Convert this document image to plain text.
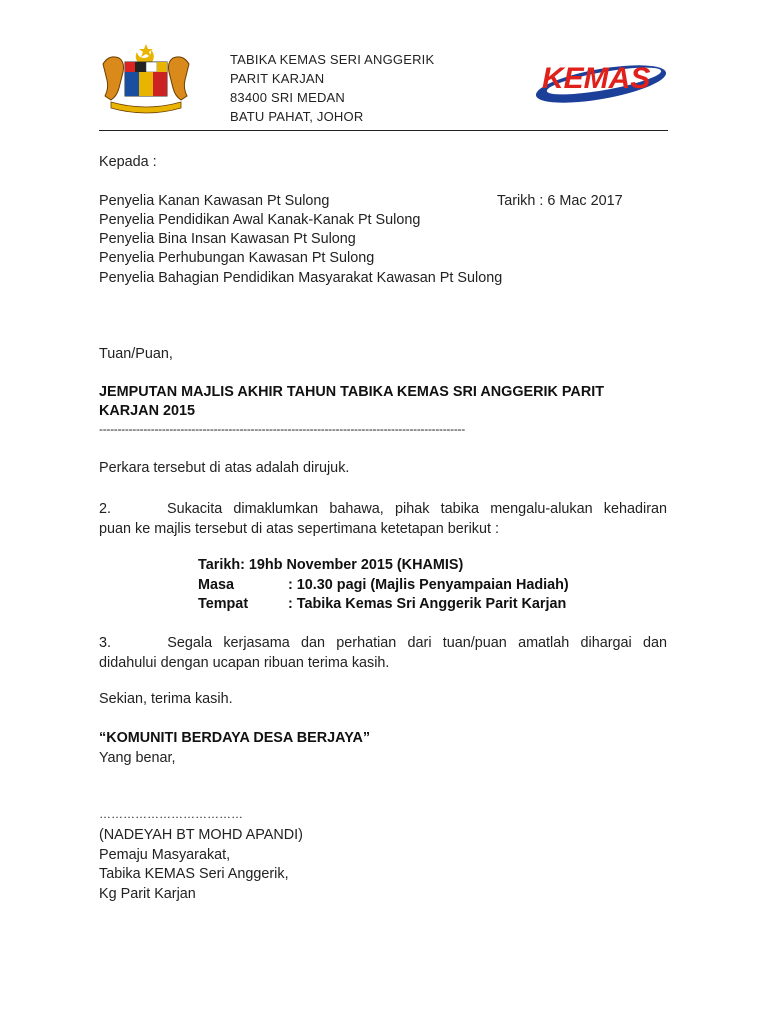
TABIKA KEMAS SERI ANGGERIK
PARIT KARJAN
83400 SRI MEDAN
BATU PAHAT, JOHOR
KEMAS
Kepada :
Penyelia Kanan Kawasan Pt Sulong	Tarikh : 6 Mac 2017
Penyelia Pendidikan Awal Kanak-Kanak Pt Sulong
Penyelia Bina Insan Kawasan Pt Sulong
Penyelia Perhubungan Kawasan Pt Sulong
Penyelia Bahagian Pendidikan Masyarakat Kawasan Pt Sulong
Tuan/Puan,
JEMPUTAN MAJLIS AKHIR TAHUN TABIKA KEMAS SRI ANGGERIK PARIT
KARJAN 2015
---------------------------------------------------------------------------------------------------
Perkara tersebut di atas adalah dirujuk.
2.          Sukacita  dimaklumkan  bahawa,  pihak  tabika  mengalu-alukan  kehadiran
puan ke majlis tersebut di atas sepertimana ketetapan berikut :
Tarikh: 19hb November 2015 (KHAMIS)
Masa	: 10.30 pagi (Majlis Penyampaian Hadiah)
Tempat	: Tabika Kemas Sri Anggerik Parit Karjan
3.          Segala  kerjasama  dan  perhatian  dari  tuan/puan  amatlah  dihargai  dan
didahului dengan ucapan ribuan terima kasih.
Sekian, terima kasih.
“KOMUNITI BERDAYA DESA BERJAYA”
Yang benar,
………………………………
(NADEYAH BT MOHD APANDI)
Pemaju Masyarakat,
Tabika KEMAS Seri Anggerik,
Kg Parit Karjan
